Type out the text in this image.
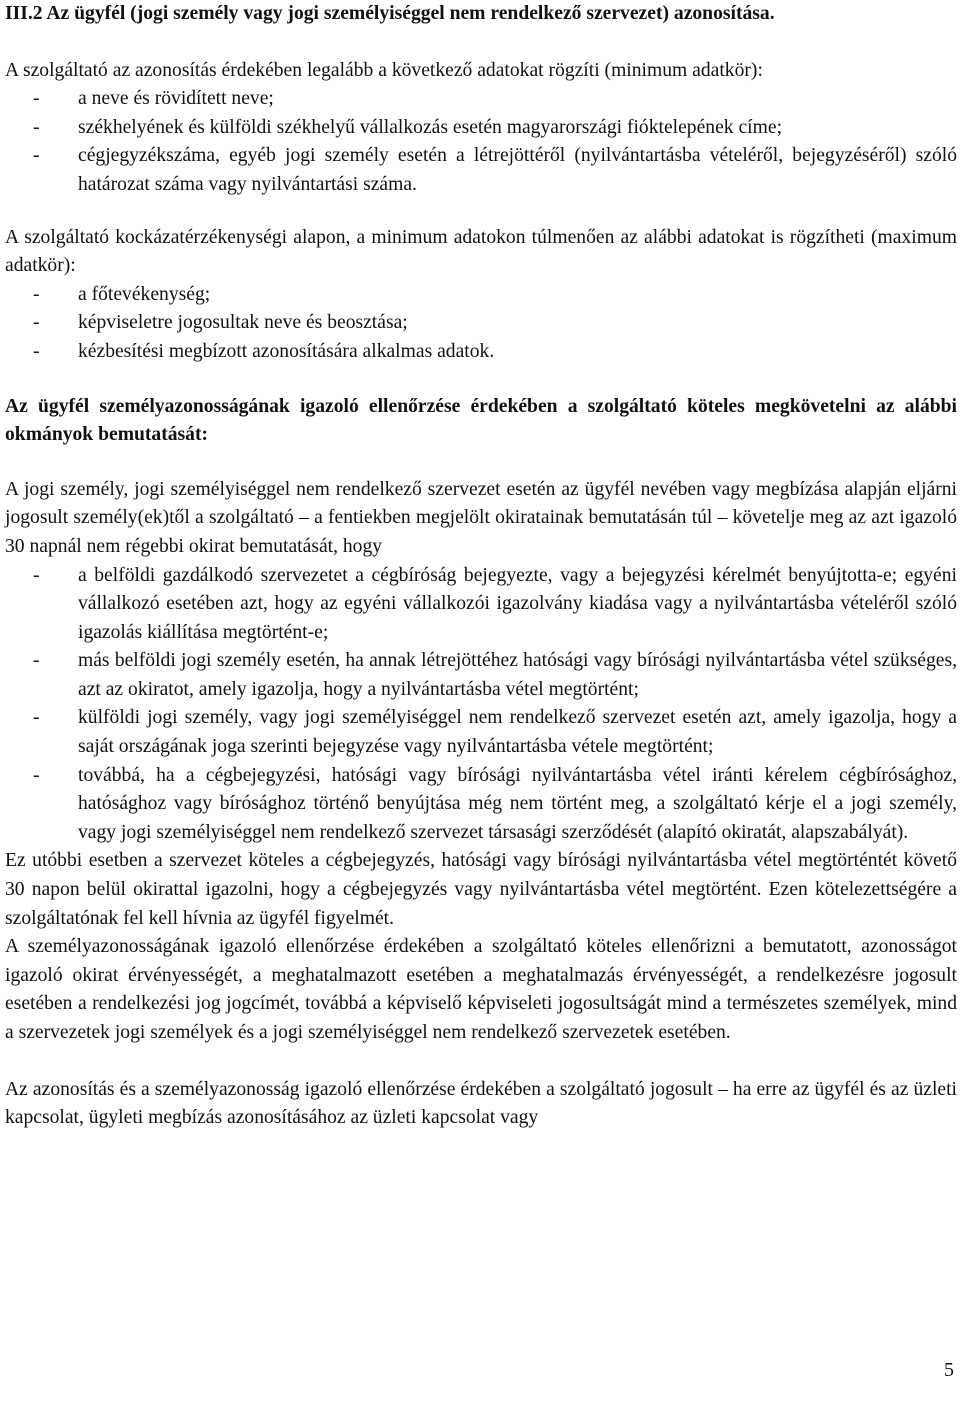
III.2 Az ügyfél (jogi személy vagy jogi személyiséggel nem rendelkező szervezet) azonosítása.

A szolgáltató az azonosítás érdekében legalább a következő adatokat rögzíti (minimum adatkör):

- a neve és rövidített neve;
- székhelyének és külföldi székhelyű vállalkozás esetén magyarországi fióktelepének címe;
- cégjegyzékszáma, egyéb jogi személy esetén a létrejöttéről (nyilvántartásba vételéről, bejegyzéséről) szóló határozat száma vagy nyilvántartási száma.

A szolgáltató kockázatérzékenységi alapon, a minimum adatokon túlmenően az alábbi adatokat is rögzítheti (maximum adatkör):

- a főtevékenység;
- képviseletre jogosultak neve és beosztása;
- kézbesítési megbízott azonosítására alkalmas adatok.

Az ügyfél személyazonosságának igazoló ellenőrzése érdekében a szolgáltató köteles megkövetelni az alábbi okmányok bemutatását:

A jogi személy, jogi személyiséggel nem rendelkező szervezet esetén az ügyfél nevében vagy megbízása alapján eljárni jogosult személy(ek)től a szolgáltató – a fentiekben megjelölt okiratainak bemutatásán túl – követelje meg az azt igazoló 30 napnál nem régebbi okirat bemutatását, hogy

- a belföldi gazdálkodó szervezetet a cégbíróság bejegyezte, vagy a bejegyzési kérelmét benyújtotta-e; egyéni vállalkozó esetében azt, hogy az egyéni vállalkozói igazolvány kiadása vagy a nyilvántartásba vételéről szóló igazolás kiállítása megtörtént-e;
- más belföldi jogi személy esetén, ha annak létrejöttéhez hatósági vagy bírósági nyilvántartásba vétel szükséges, azt az okiratot, amely igazolja, hogy a nyilvántartásba vétel megtörtént;
- külföldi jogi személy, vagy jogi személyiséggel nem rendelkező szervezet esetén azt, amely igazolja, hogy a saját országának joga szerinti bejegyzése vagy nyilvántartásba vétele megtörtént;
- továbbá, ha a cégbejegyzési, hatósági vagy bírósági nyilvántartásba vétel iránti kérelem cégbírósághoz, hatósághoz vagy bírósághoz történő benyújtása még nem történt meg, a szolgáltató kérje el a jogi személy, vagy jogi személyiséggel nem rendelkező szervezet társasági szerződését (alapító okiratát, alapszabályát).

Ez utóbbi esetben a szervezet köteles a cégbejegyzés, hatósági vagy bírósági nyilvántartásba vétel megtörténtét követő 30 napon belül okirattal igazolni, hogy a cégbejegyzés vagy nyilvántartásba vétel megtörtént. Ezen kötelezettségére a szolgáltatónak fel kell hívnia az ügyfél figyelmét.

A személyazonosságának igazoló ellenőrzése érdekében a szolgáltató köteles ellenőrizni a bemutatott, azonosságot igazoló okirat érvényességét, a meghatalmazott esetében a meghatalmazás érvényességét, a rendelkezésre jogosult esetében a rendelkezési jog jogcímét, továbbá a képviselő képviseleti jogosultságát mind a természetes személyek, mind a szervezetek jogi személyek és a jogi személyiséggel nem rendelkező szervezetek esetében.

Az azonosítás és a személyazonosság igazoló ellenőrzése érdekében a szolgáltató jogosult – ha erre az ügyfél és az üzleti kapcsolat, ügyleti megbízás azonosításához az üzleti kapcsolat vagy

5
